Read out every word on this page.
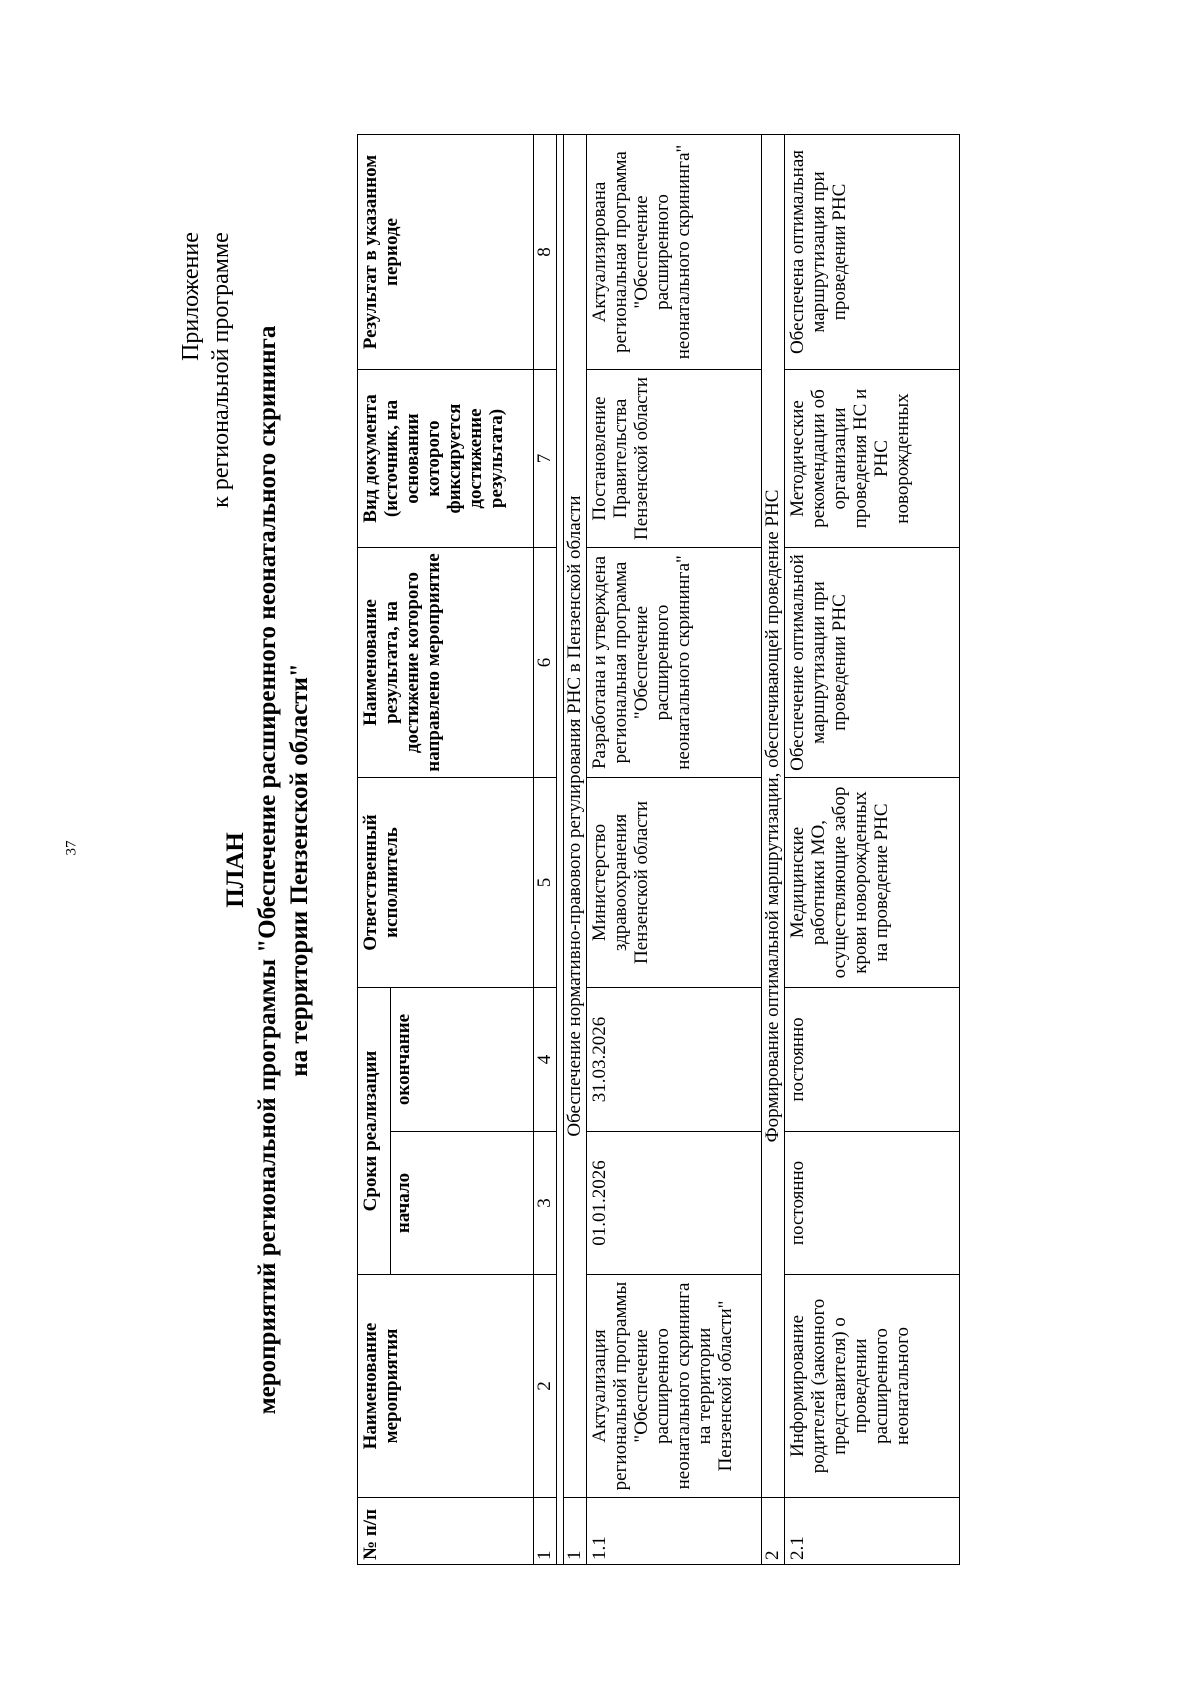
37
Приложение к региональной программе
ПЛАН мероприятий региональной программы "Обеспечение расширенного неонатального скрининга на территории Пензенской области"
№ п/п	Наименование мероприятия	Сроки реализации		Ответственный исполнитель	Наименование результата, на достижение которого направлено мероприятие	Вид документа (источник, на основании которого фиксируется достижение результата)	Результат в указанном периоде
		начало	окончание				
1	2	3	4	5	6	7	8

1	Обеспечение нормативно-правового регулирования РНС в Пензенской области						
1.1	Актуализация региональной программы "Обеспечение расширенного неонатального скрининга на территории Пензенской области"	01.01.2026	31.03.2026	Министерство здравоохранения Пензенской области	Разработана и утверждена региональная программа "Обеспечение расширенного неонатального скрининга"	Постановление Правительства Пензенской области	Актуализирована региональная программа "Обеспечение расширенного неонатального скрининга"
2	Формирование оптимальной маршрутизации, обеспечивающей проведение РНС						
2.1	Информирование родителей (законного представителя) о проведении расширенного неонатального	постоянно	постоянно	Медицинские работники МО, осуществляющие забор крови новорожденных на проведение РНС	Обеспечение оптимальной маршрутизации при проведении РНС	Методические рекомендации об организации проведения НС и РНС новорожденных	Обеспечена оптимальная маршрутизация при проведении РНС
